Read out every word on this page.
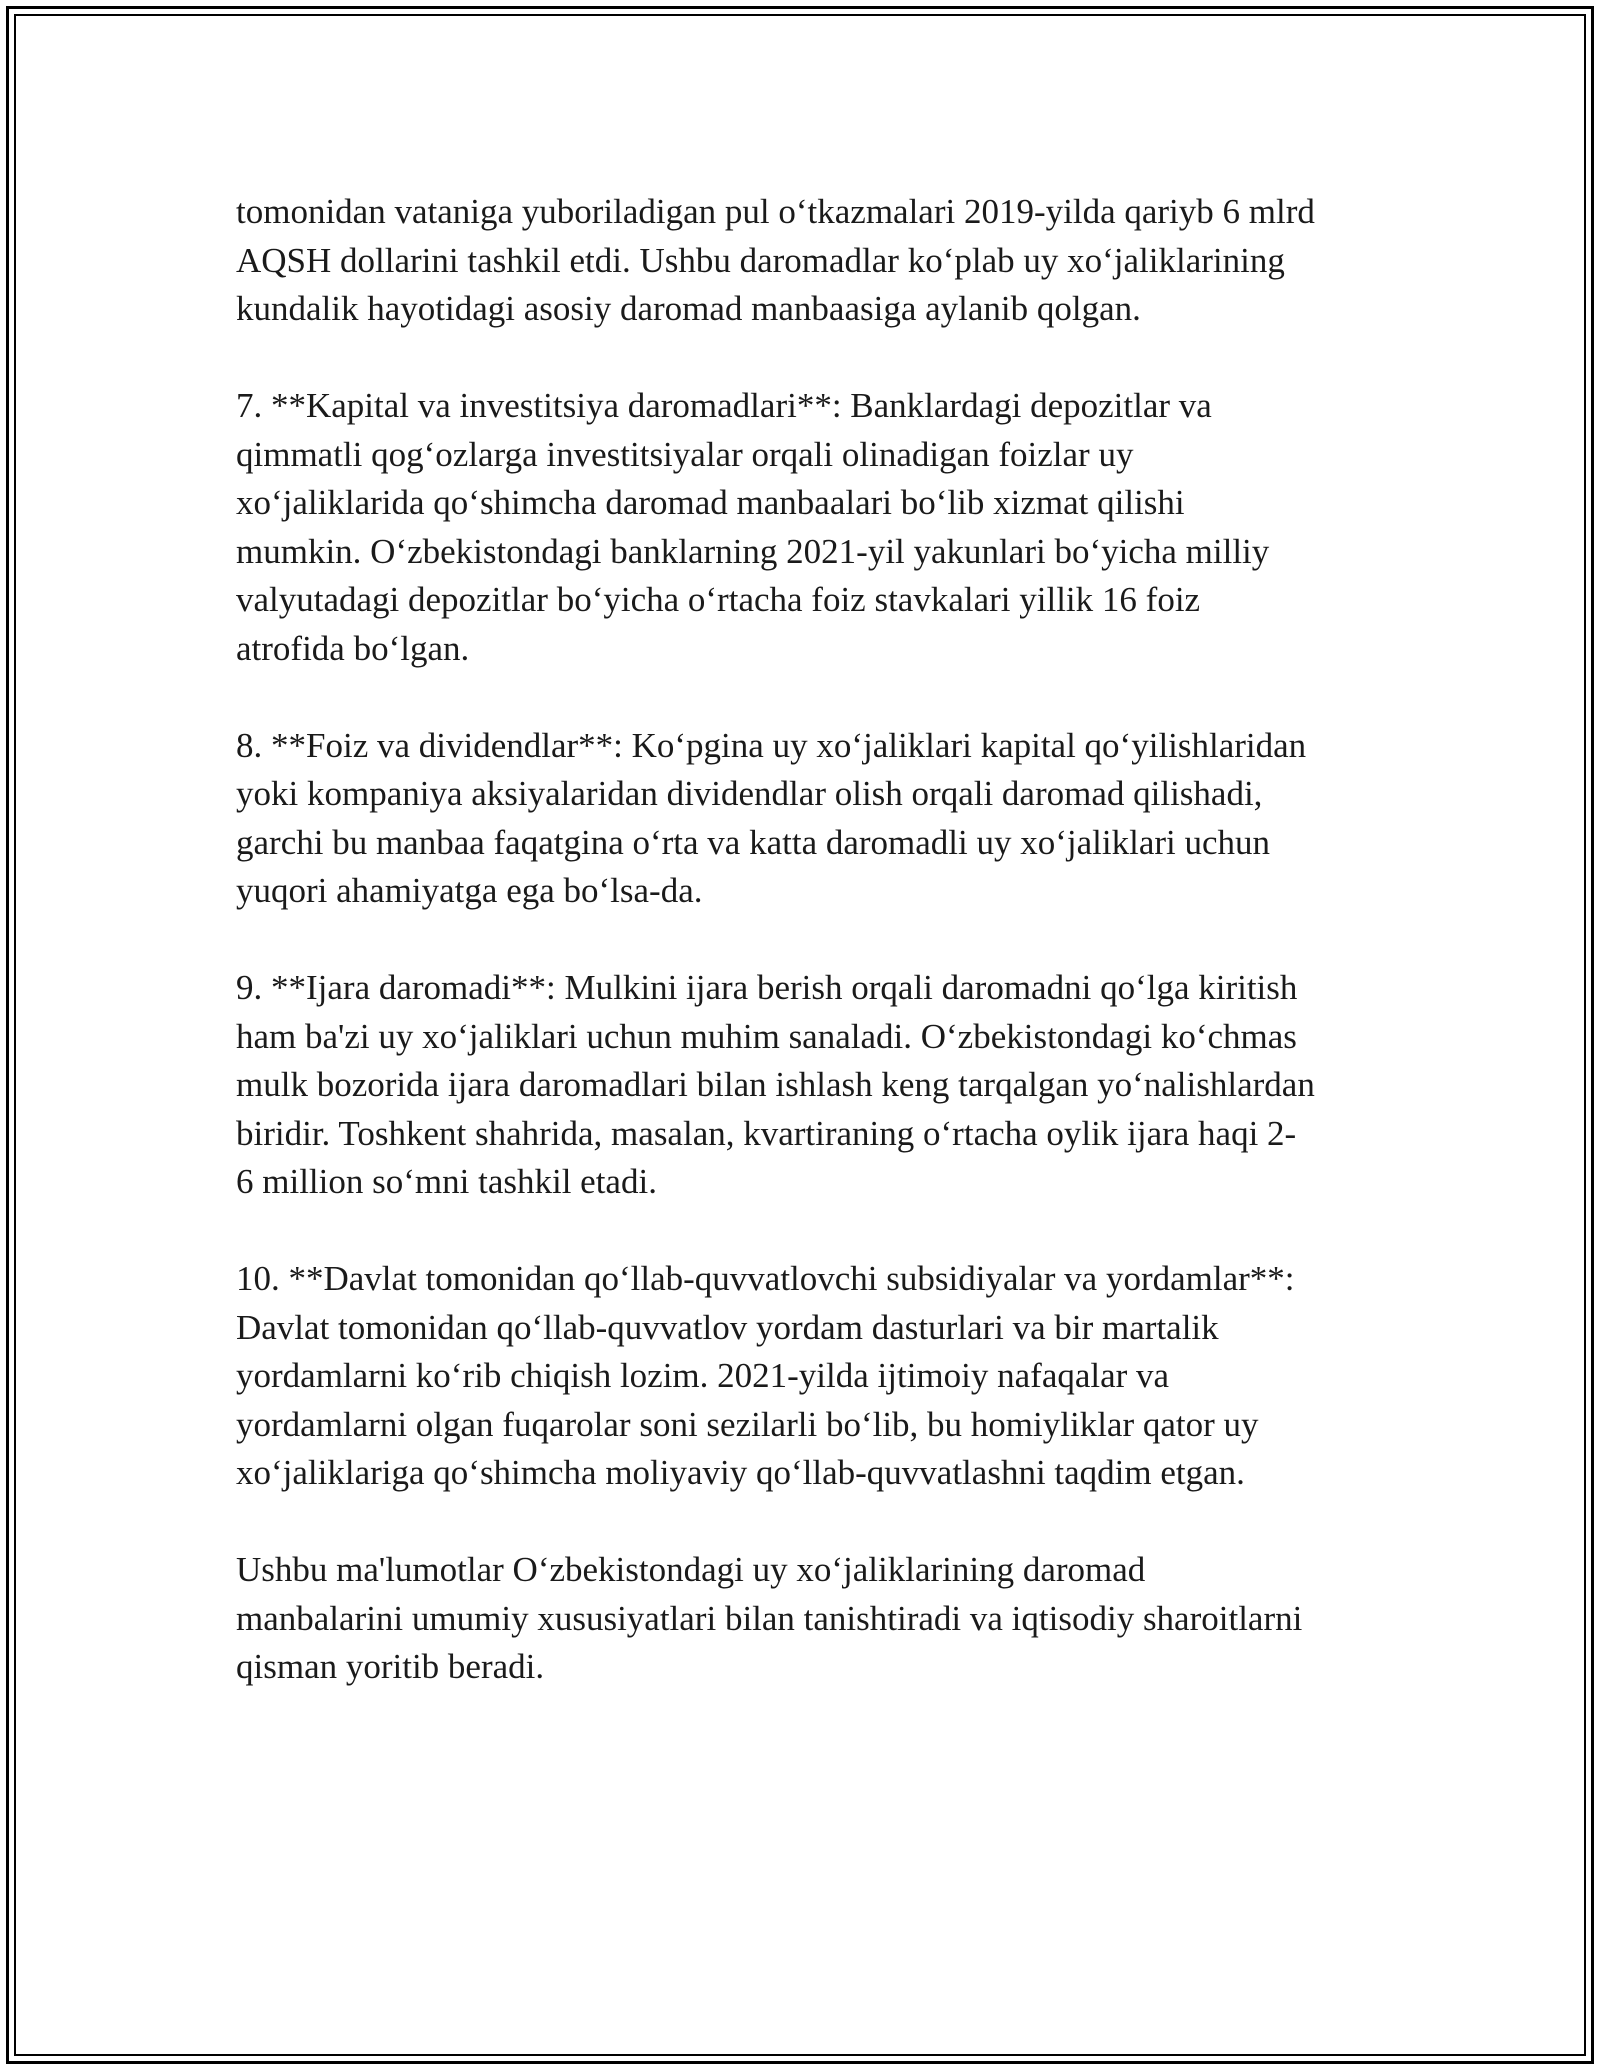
tomonidan vataniga yuboriladigan pul oʻtkazmalari 2019-yilda qariyb 6 mlrd
AQSH dollarini tashkil etdi. Ushbu daromadlar koʻplab uy xoʻjaliklarining
kundalik hayotidagi asosiy daromad manbaasiga aylanib qolgan.

7. **Kapital va investitsiya daromadlari**: Banklardagi depozitlar va
qimmatli qogʻozlarga investitsiyalar orqali olinadigan foizlar uy
xoʻjaliklarida qoʻshimcha daromad manbaalari boʻlib xizmat qilishi
mumkin. Oʻzbekistondagi banklarning 2021-yil yakunlari boʻyicha milliy
valyutadagi depozitlar boʻyicha oʻrtacha foiz stavkalari yillik 16 foiz
atrofida boʻlgan.

8. **Foiz va dividendlar**: Koʻpgina uy xoʻjaliklari kapital qoʻyilishlaridan
yoki kompaniya aksiyalaridan dividendlar olish orqali daromad qilishadi,
garchi bu manbaa faqatgina oʻrta va katta daromadli uy xoʻjaliklari uchun
yuqori ahamiyatga ega boʻlsa-da.

9. **Ijara daromadi**: Mulkini ijara berish orqali daromadni qoʻlga kiritish
ham ba'zi uy xoʻjaliklari uchun muhim sanaladi. Oʻzbekistondagi koʻchmas
mulk bozorida ijara daromadlari bilan ishlash keng tarqalgan yoʻnalishlardan
biridir. Toshkent shahrida, masalan, kvartiraning oʻrtacha oylik ijara haqi 2-
6 million soʻmni tashkil etadi.

10. **Davlat tomonidan qoʻllab-quvvatlovchi subsidiyalar va yordamlar**:
Davlat tomonidan qoʻllab-quvvatlov yordam dasturlari va bir martalik
yordamlarni koʻrib chiqish lozim. 2021-yilda ijtimoiy nafaqalar va
yordamlarni olgan fuqarolar soni sezilarli boʻlib, bu homiyliklar qator uy
xoʻjaliklariga qoʻshimcha moliyaviy qoʻllab-quvvatlashni taqdim etgan.

Ushbu ma'lumotlar Oʻzbekistondagi uy xoʻjaliklarining daromad
manbalarini umumiy xususiyatlari bilan tanishtiradi va iqtisodiy sharoitlarni
qisman yoritib beradi.
